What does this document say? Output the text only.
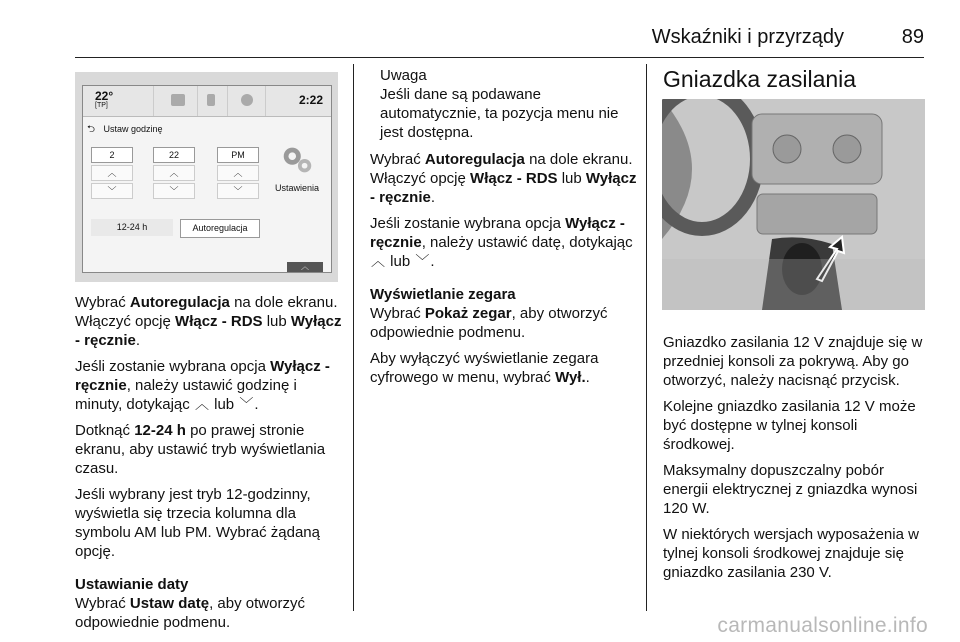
Wskaźniki i przyrządy	89
22°
[TP]	2:22
⮌ Ustaw godzinę
2
︿
﹀
22
︿
﹀
PM
︿
﹀
12-24 h	Autoregulacja
Ustawienia
︿

Wybrać Autoregulacja na dole ekranu. Włączyć opcję Włącz - RDS lub Wyłącz - ręcznie.

Jeśli zostanie wybrana opcja Wyłącz - ręcznie, należy ustawić godzinę i minuty, dotykając ︿ lub ﹀.

Dotknąć 12-24 h po prawej stronie ekranu, aby ustawić tryb wyświetlania czasu.

Jeśli wybrany jest tryb 12-godzinny, wyświetla się trzecia kolumna dla symbolu AM lub PM. Wybrać żądaną opcję.

Ustawianie daty

Wybrać Ustaw datę, aby otworzyć odpowiednie podmenu.

Uwaga

Jeśli dane są podawane automatycznie, ta pozycja menu nie jest dostępna.

Wybrać Autoregulacja na dole ekranu. Włączyć opcję Włącz - RDS lub Wyłącz - ręcznie.

Jeśli zostanie wybrana opcja Wyłącz - ręcznie, należy ustawić datę, dotykając ︿ lub ﹀.

Wyświetlanie zegara

Wybrać Pokaż zegar, aby otworzyć odpowiednie podmenu.

Aby wyłączyć wyświetlanie zegara cyfrowego w menu, wybrać Wył..

Gniazdka zasilania

Gniazdko zasilania 12 V znajduje się w przedniej konsoli za pokrywą. Aby go otworzyć, należy nacisnąć przycisk.

Kolejne gniazdko zasilania 12 V może być dostępne w tylnej konsoli środkowej.

Maksymalny dopuszczalny pobór energii elektrycznej z gniazdka wynosi 120 W.

W niektórych wersjach wyposażenia w tylnej konsoli środkowej znajduje się gniazdko zasilania 230 V.

carmanualsonline.info
